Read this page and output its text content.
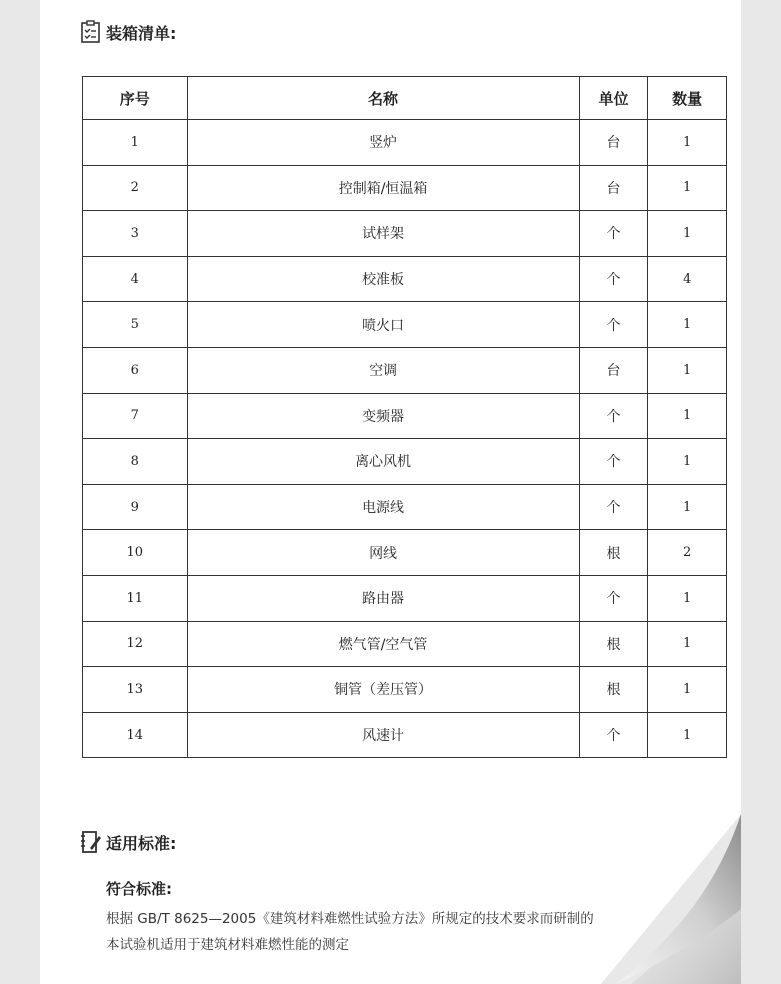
装箱清单:
序号	名称	单位	数量
1	竖炉	台	1
2	控制箱/恒温箱	台	1
3	试样架	个	1
4	校准板	个	4
5	喷火口	个	1
6	空调	台	1
7	变频器	个	1
8	离心风机	个	1
9	电源线	个	1
10	网线	根	2
11	路由器	个	1
12	燃气管/空气管	根	1
13	铜管（差压管）	根	1
14	风速计	个	1
适用标准:
符合标准:
根据 GB/T 8625—2005《建筑材料难燃性试验方法》所规定的技术要求而研制的
本试验机适用于建筑材料难燃性能的测定
